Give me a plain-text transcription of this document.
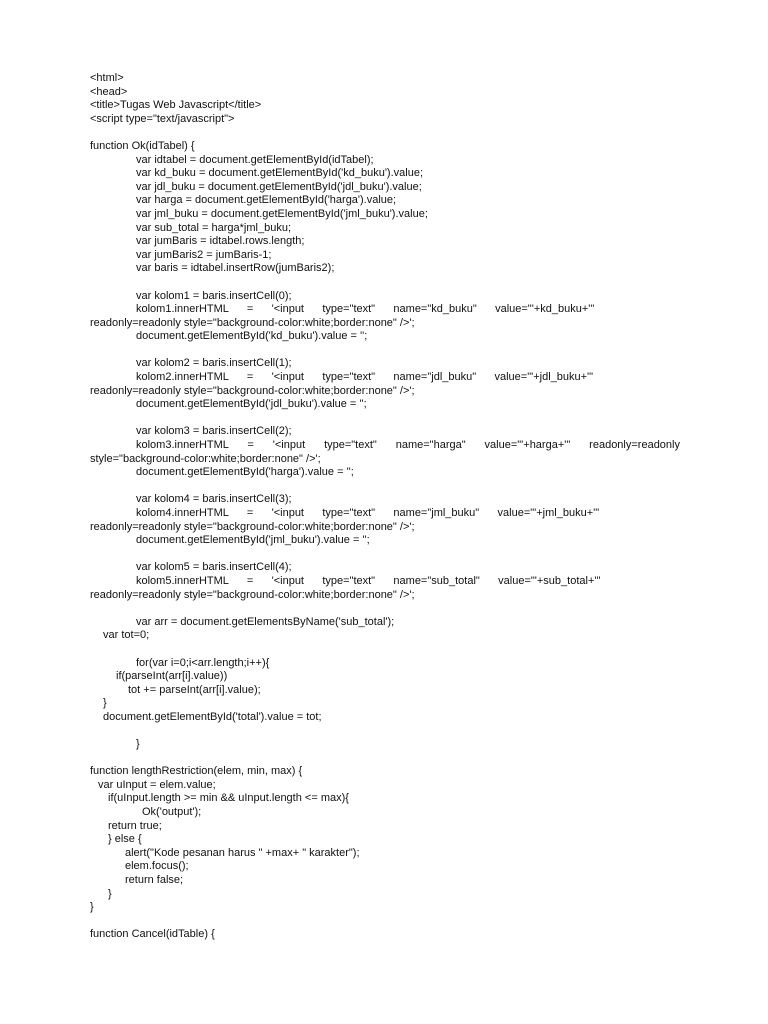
<html>
<head>
<title>Tugas Web Javascript</title>
<script type="text/javascript">
function Ok(idTabel) {
var idtabel = document.getElementById(idTabel);
var kd_buku = document.getElementById('kd_buku').value;
var jdl_buku = document.getElementById('jdl_buku').value;
var harga = document.getElementById('harga').value;
var jml_buku = document.getElementById('jml_buku').value;
var sub_total = harga*jml_buku;
var jumBaris = idtabel.rows.length;
var jumBaris2 = jumBaris-1;
var baris = idtabel.insertRow(jumBaris2);
var kolom1 = baris.insertCell(0);
kolom1.innerHTML      =      '<input      type="text"      name="kd_buku"      value="'+kd_buku+'"
readonly=readonly style="background-color:white;border:none" />';
document.getElementById('kd_buku').value = '';
var kolom2 = baris.insertCell(1);
kolom2.innerHTML      =      '<input      type="text"      name="jdl_buku"      value="'+jdl_buku+'"
readonly=readonly style="background-color:white;border:none" />';
document.getElementById('jdl_buku').value = '';
var kolom3 = baris.insertCell(2);
kolom3.innerHTML = '<input type="text" name="harga" value="'+harga+'" readonly=readonly
style="background-color:white;border:none" />';
document.getElementById('harga').value = '';
var kolom4 = baris.insertCell(3);
kolom4.innerHTML      =      '<input      type="text"      name="jml_buku"      value="'+jml_buku+'"
readonly=readonly style="background-color:white;border:none" />';
document.getElementById('jml_buku').value = '';
var kolom5 = baris.insertCell(4);
kolom5.innerHTML      =      '<input      type="text"      name="sub_total"      value="'+sub_total+'"
readonly=readonly style="background-color:white;border:none" />';
var arr = document.getElementsByName('sub_total');
var tot=0;
for(var i=0;i<arr.length;i++){
if(parseInt(arr[i].value))
tot += parseInt(arr[i].value);
}
document.getElementById('total').value = tot;
}
function lengthRestriction(elem, min, max) {
var uInput = elem.value;
if(uInput.length >= min && uInput.length <= max){
Ok('output');
return true;
} else {
alert("Kode pesanan harus " +max+ " karakter");
elem.focus();
return false;
}
}
function Cancel(idTable) {
